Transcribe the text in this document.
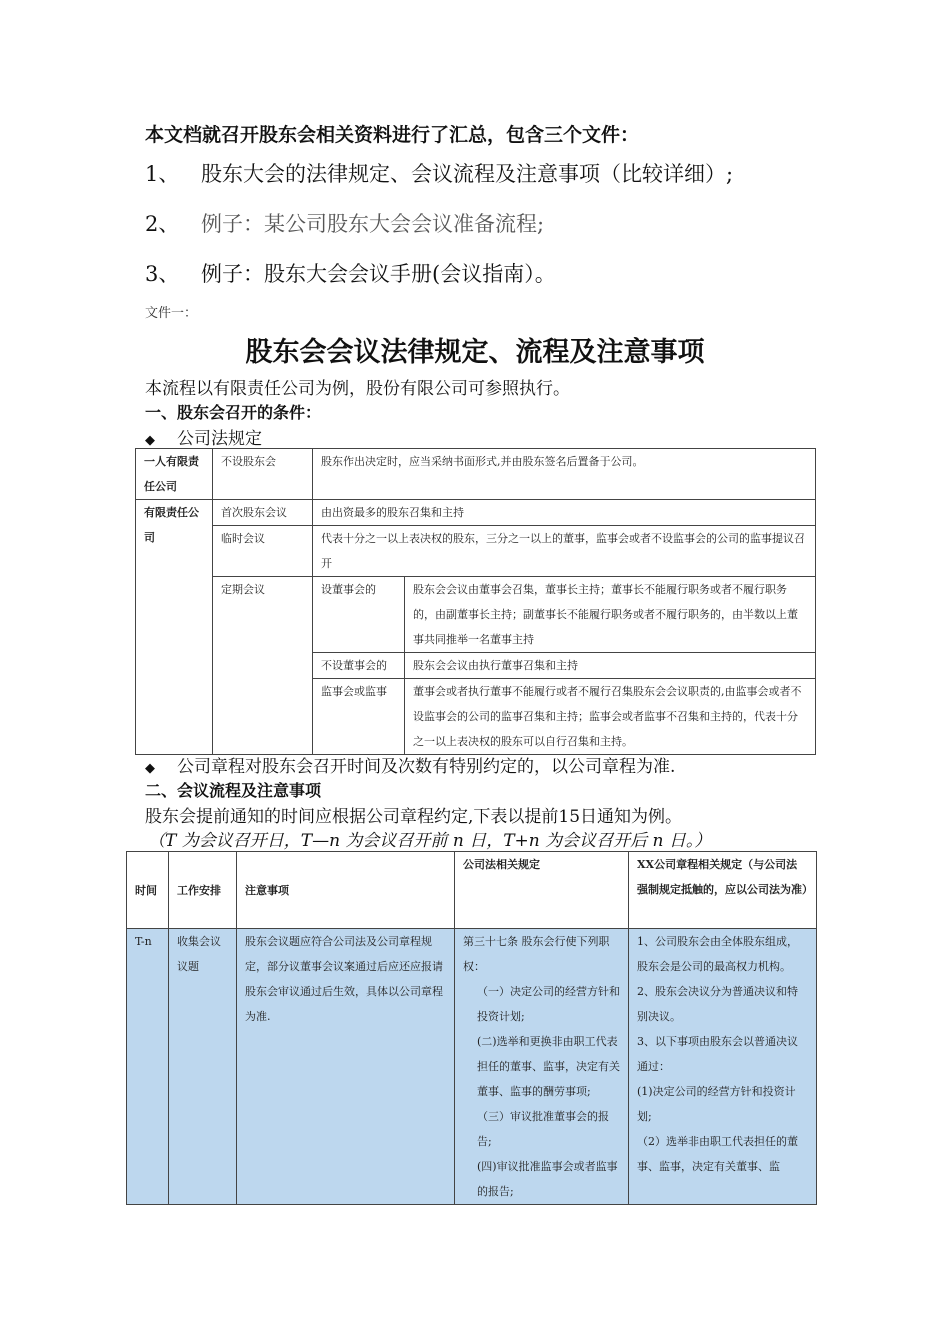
本文档就召开股东会相关资料进行了汇总，包含三个文件：
1、 股东大会的法律规定、会议流程及注意事项（比较详细）;
2、 例子：某公司股东大会会议准备流程;
3、 例子：股东大会会议手册(会议指南）。
文件一：
股东会会议法律规定、流程及注意事项
本流程以有限责任公司为例，股份有限公司可参照执行。
一、股东会召开的条件：
◆ 公司法规定
一人有限责任公司	不设股东会	股东作出决定时，应当采纳书面形式,并由股东签名后置备于公司。	
有限责任公司	首次股东会议	由出资最多的股东召集和主持	
	临时会议	代表十分之一以上表决权的股东，三分之一以上的董事，监事会或者不设监事会的公司的监事提议召开	
	定期会议	设董事会的	股东会会议由董事会召集，董事长主持；董事长不能履行职务或者不履行职务的，由副董事长主持；副董事长不能履行职务或者不履行职务的，由半数以上董事共同推举一名董事主持
		不设董事会的	股东会会议由执行董事召集和主持
		监事会或监事	董事会或者执行董事不能履行或者不履行召集股东会会议职责的,由监事会或者不设监事会的公司的监事召集和主持；监事会或者监事不召集和主持的，代表十分之一以上表决权的股东可以自行召集和主持。
◆ 公司章程对股东会召开时间及次数有特别约定的，以公司章程为准.
二、会议流程及注意事项
股东会提前通知的时间应根据公司章程约定,下表以提前15日通知为例。
（T 为会议召开日，T—n 为会议召开前 n 日，T+n 为会议召开后 n 日。）
时间	工作安排	注意事项	公司法相关规定	XX公司章程相关规定（与公司法强制规定抵触的，应以公司法为准）
T-n	收集会议议题	股东会议题应符合公司法及公司章程规定，部分议董事会议案通过后应还应报请股东会审议通过后生效，具体以公司章程为准.	第三十七条 股东会行使下列职权：
（一）决定公司的经营方针和投资计划;
(二)选举和更换非由职工代表担任的董事、监事，决定有关董事、监事的酬劳事项;
（三）审议批准董事会的报告;
(四)审议批准监事会或者监事的报告;	1、公司股东会由全体股东组成，股东会是公司的最高权力机构。
2、股东会决议分为普通决议和特别决议。
3、以下事项由股东会以普通决议通过：
(1)决定公司的经营方针和投资计划;
（2）选举非由职工代表担任的董事、监事，决定有关董事、监
